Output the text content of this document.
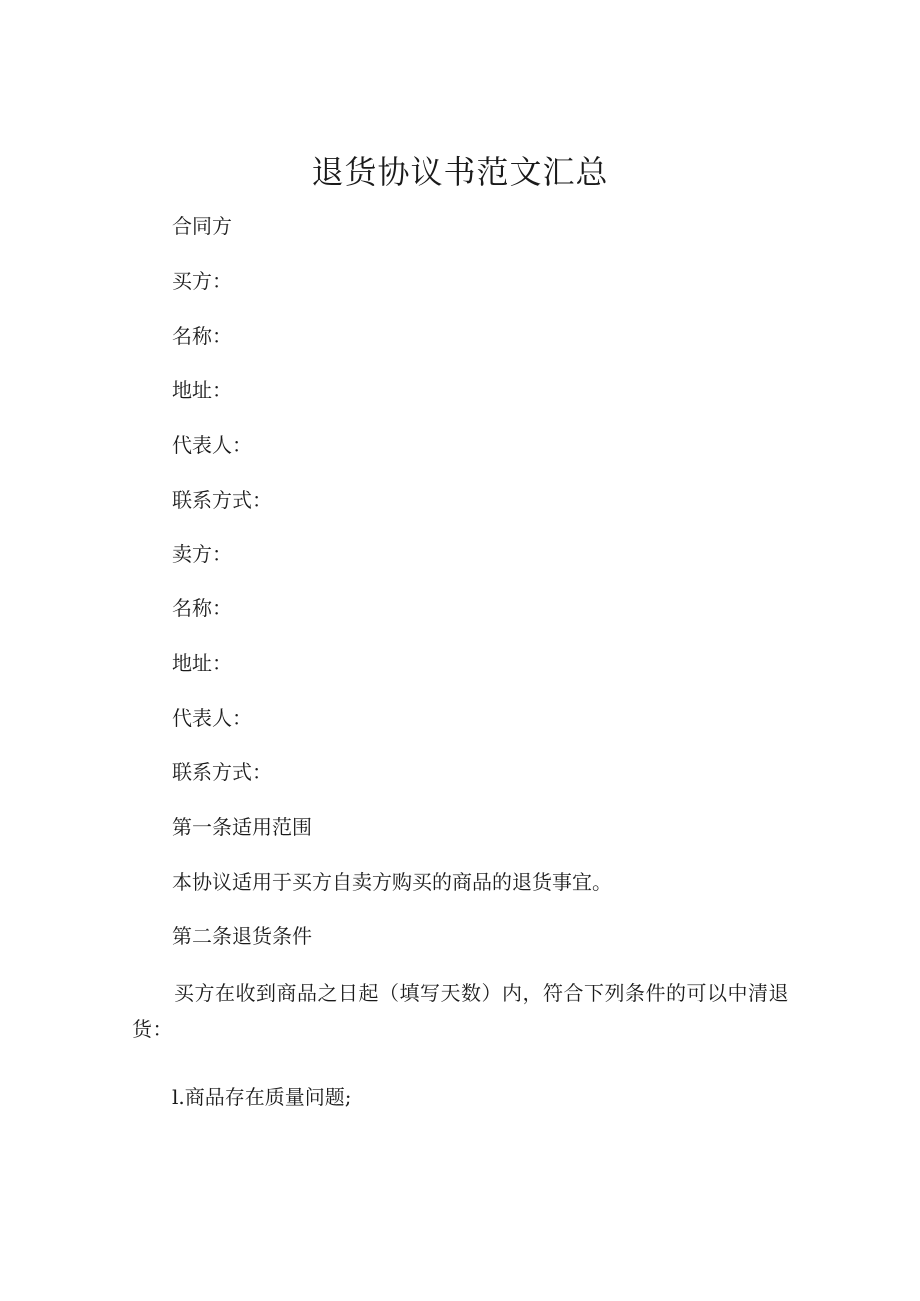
退货协议书范文汇总
合同方
买方：
名称：
地址：
代表人：
联系方式：
卖方：
名称：
地址：
代表人：
联系方式：
第一条适用范围
本协议适用于买方自卖方购买的商品的退货事宜。
第二条退货条件
买方在收到商品之日起（填写天数）内，符合下列条件的可以中清退货：
l.商品存在质量问题;
